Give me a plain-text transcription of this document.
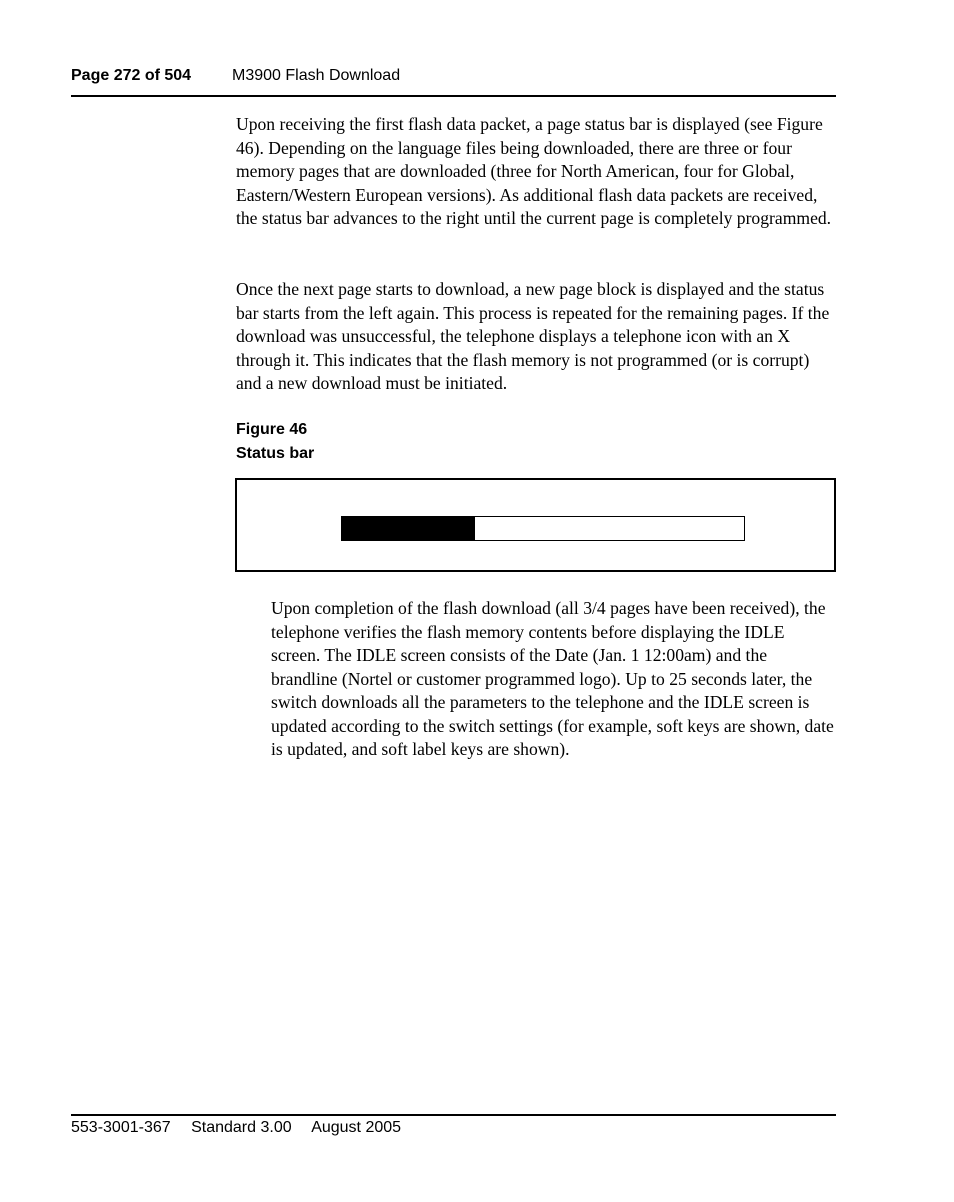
Page 272 of 504	M3900 Flash Download

Upon receiving the first flash data packet, a page status bar is displayed (see Figure 46). Depending on the language files being downloaded, there are three or four memory pages that are downloaded (three for North American, four for Global, Eastern/Western European versions). As additional flash data packets are received, the status bar advances to the right until the current page is completely programmed.

Once the next page starts to download, a new page block is displayed and the status bar starts from the left again. This process is repeated for the remaining pages. If the download was unsuccessful, the telephone displays a telephone icon with an X through it. This indicates that the flash memory is not programmed (or is corrupt) and a new download must be initiated.

Figure 46
Status bar

Upon completion of the flash download (all 3/4 pages have been received), the telephone verifies the flash memory contents before displaying the IDLE screen. The IDLE screen consists of the Date (Jan. 1 12:00am) and the brandline (Nortel or customer programmed logo). Up to 25 seconds later, the switch downloads all the parameters to the telephone and the IDLE screen is updated according to the switch settings (for example, soft keys are shown, date is updated, and soft label keys are shown).

553-3001-367 Standard 3.00 August 2005
